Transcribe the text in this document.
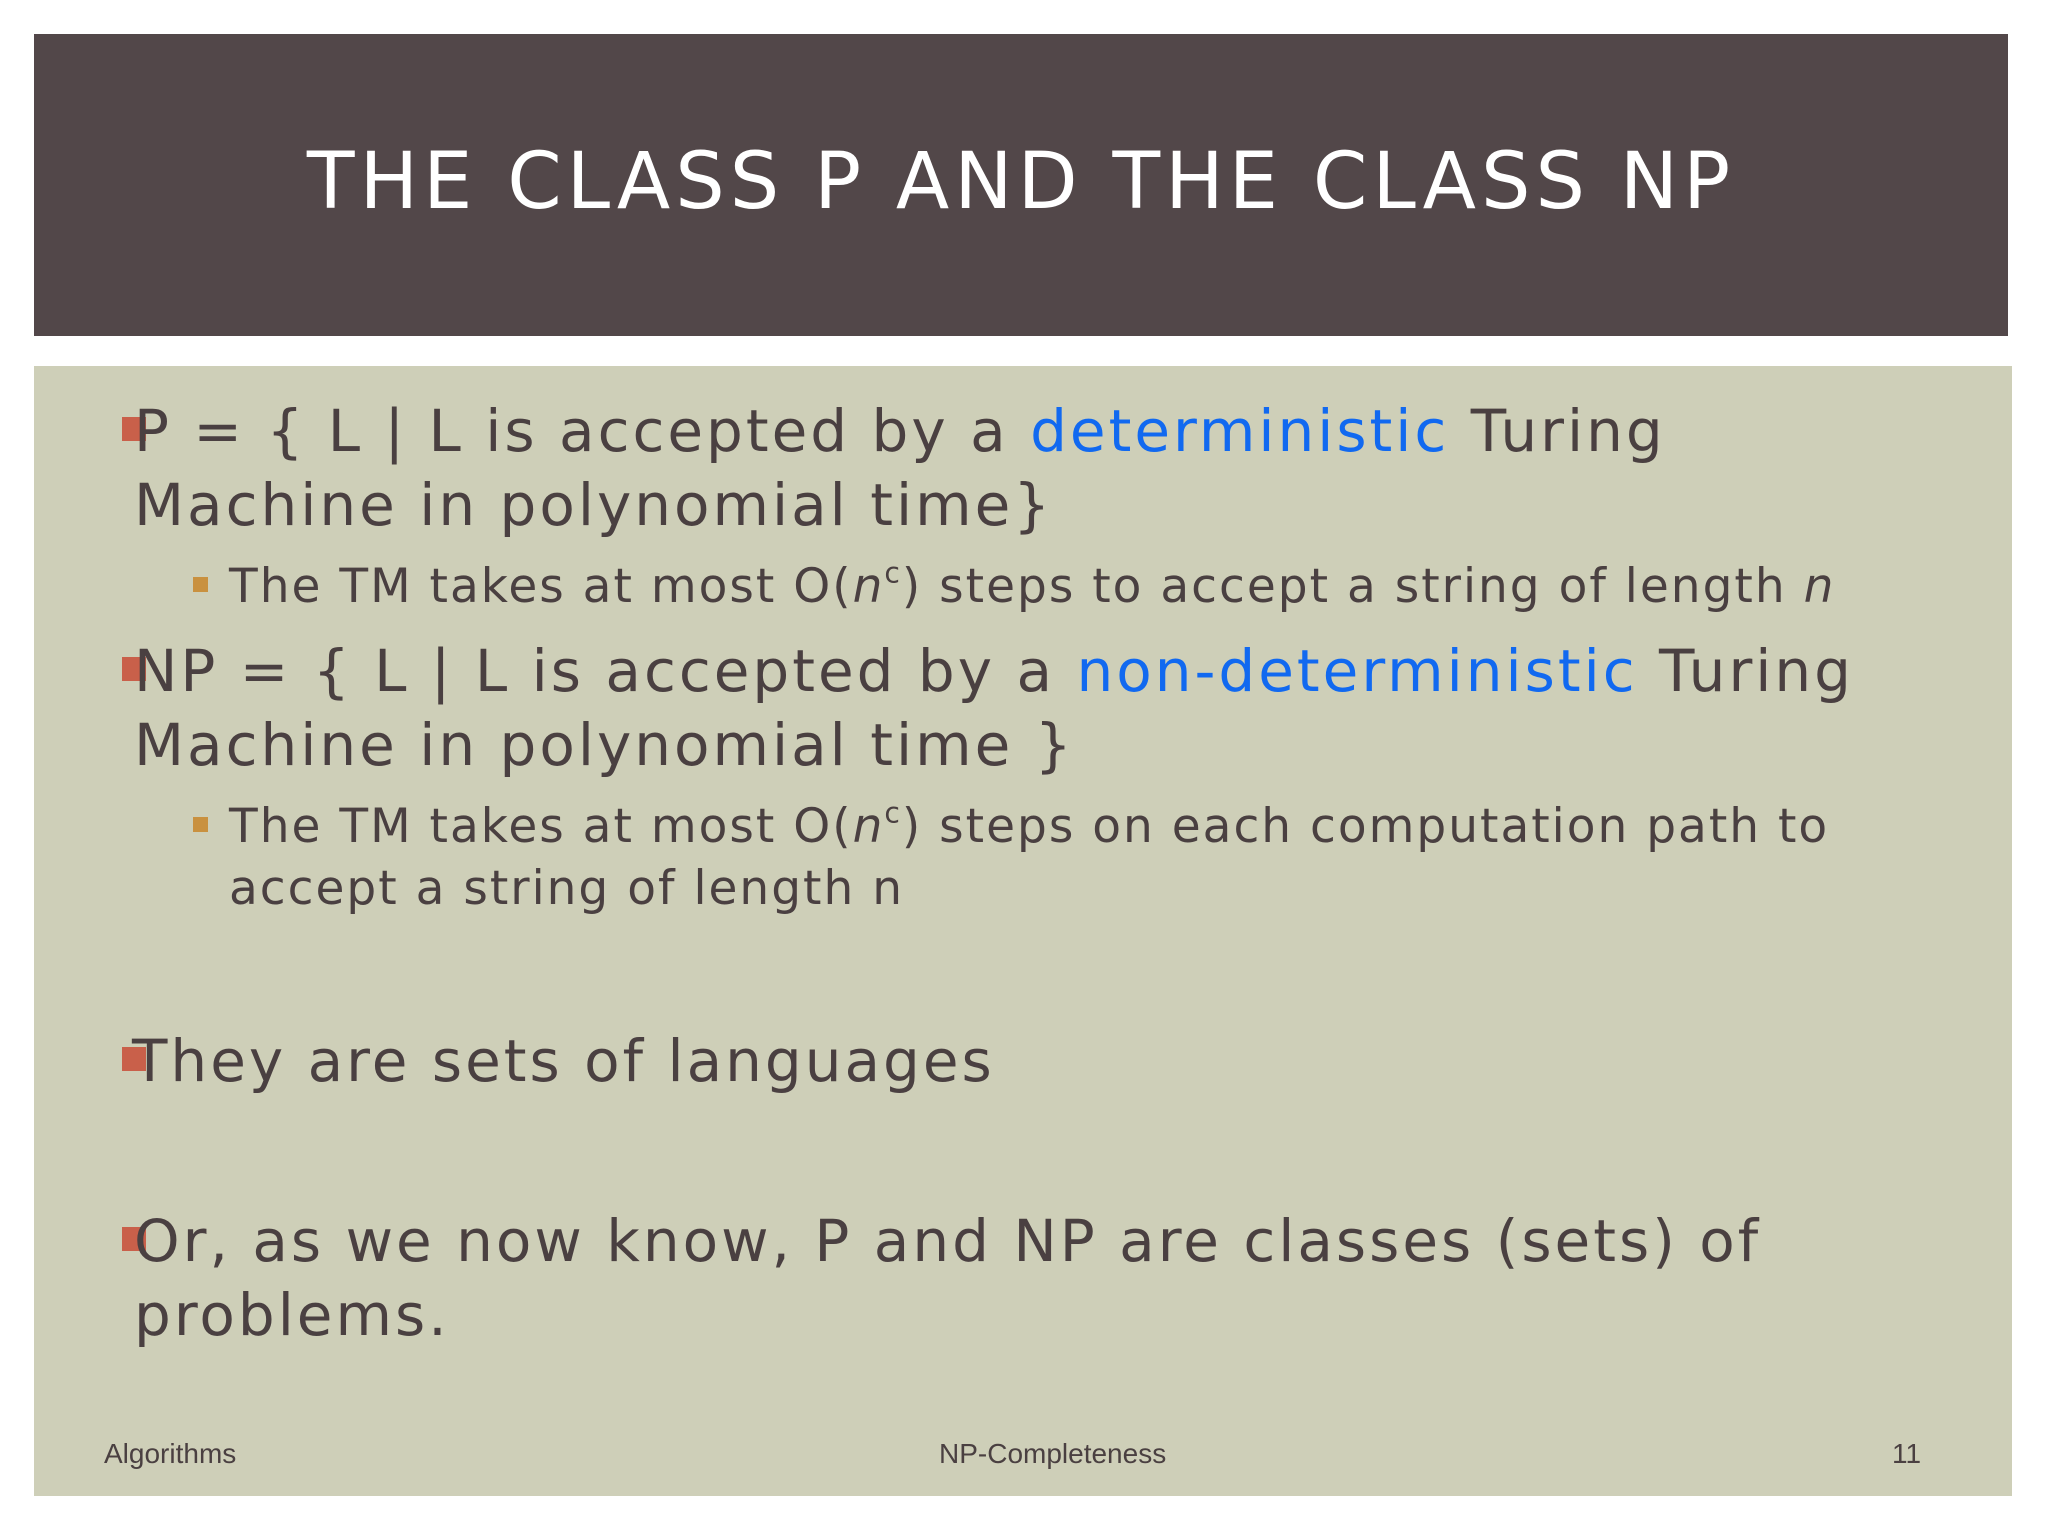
THE CLASS P AND THE CLASS NP
P = { L | L is accepted by a deterministic Turing
Machine in polynomial time}
The TM takes at most $O(n^c)$ steps to accept a string of length n
NP = { L | L is accepted by a non-deterministic Turing
Machine in polynomial time }
The TM takes at most $O(n^c)$ steps on each computation path to
accept a string of length n
They are sets of languages
Or, as we now know, P and NP are classes (sets) of
problems.
Algorithms	NP-Completeness	11
